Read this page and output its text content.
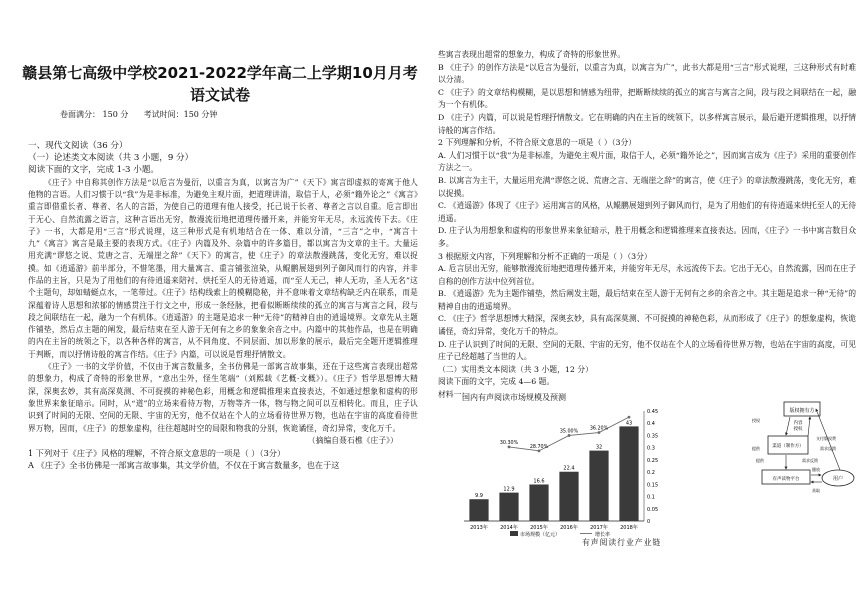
赣县第七高级中学校2021-2022学年高二上学期10月月考
语文试卷
卷面满分： 150 分      考试时间：150 分钟
一、现代文阅读（36 分）
（一）论述类文本阅读（共 3 小题，9 分）
阅读下面的文字，完成 1-3 小题。

《庄子》中自称其创作方法是“以卮言为曼衍，以重言为真，以寓言为广”《天下》寓言即虚拟的寄寓于他人他物的言语。人们习惯于以“我”为是非标准，为避免主观片面，把道理讲清，取信于人，必须“籍外论之”《寓言》重言即借重长者、尊者、名人的言語，为使自己的道理有他人接受，托己说于长者、尊者之言以自重。卮言即出于无心、自然流露之语言，这种言语出无穷，散漫流衍地把道理传播开来，并能穷年无尽，永远流传下去。《庄子》一书，大都是用“三言”形式说理，这三种形式是有机地结合在一体、难以分清，“三言”之中，“寓言十九”《寓言》寓言是最主要的表现方式。《庄子》内篇及外、杂篇中的许多篇目，都以寓言为文章的主干。大量运用充满“谬悠之说、荒唐之言、无端崖之辞”《天下》的寓言，使《庄子》的章法散漫跳荡，变化无穷，难以捉摸。如《逍遥游》前半部分，不惜笔墨，用大量寓言、重言铺张渲染，从鲲鹏展翅到列子御风而行的内容，并非作品的主旨，只是为了用他们的有待逍遥来陪衬、烘托至人的无待逍遥，而“至人无己，神人无功，圣人无名”这个主题句，却如蜻蜓点水，一笔带过。《庄子》结构线索上的模糊隐秘，并不意味着文章结构缺乏内在联系，而是深蕴着诗人思想和浓郁的情感贯注于行文之中，形成一条经脉，把看似断断续续的孤立的寓言与寓言之间，段与段之间联结在一起，融为一个有机体。《逍遥游》的主题是追求一种“无待”的精神自由的逍遥境界。文章先从主题作铺垫，然后点主题的阐发，最后结束在至人游于无何有之乡的象象余音之中。内篇中的其他作品，也是在明确的内在主旨的统领之下，以各种各样的寓言，从不同角度、不同层面、加以形象的展示，最后完全题开逻辑推理于判断，而以抒情诗般的寓言作结。《庄子》内篇，可以说是哲理抒情散文。

《庄子》一书的文学价值，不仅由于寓言数量多，全书仿佛是一部寓言故事集，还在于这些寓言表现出超常的想象力，构成了奇特的形象世界，“意出尘外，怪生笔端”（刘熙载《艺概·文概》）。《庄子》哲学思想博大精深，深奥玄妙，其有高深莫测、不可捉摸的神秘色彩，用概念和逻辑推理来直接表达，不如通过想象和虚构的形象世界来象征暗示。同时，从“道”的立场来看待万物，万物等齐一体，物与物之间可以互相转化。而且，庄子认识到了时间的无限、空间的无限、宇宙的无穷，他不仅站在个人的立场看待世界万物，也站在宇宙的高度看待世界万物，因而，《庄子》的想象虚构，往往超越时空的局限和物我的分别，恢诡谲怪，奇幻异常，变化万千。

（摘编自聂石樵《庄子》）

1 下列对于《庄子》风格的理解，不符合原文意思的一项是（ ）（3分）

A 《庄子》全书仿佛是一部寓言故事集，其文学价值，不仅在于寓言数量多，也在于这

些寓言表现出超常的想象力，构成了奇特的形象世界。

B 《庄子》的创作方法是“以卮言为曼衍，以重言为真，以寓言为广”，此书大都是用“三言”形式说理，三这种形式有时难以分清。

C 《庄子》的文章结构模糊，是以思想和情感为纽带，把断断续续的孤立的寓言与寓言之间，段与段之间联结在一起，融为一个有机体。

D 《庄子》内篇，可以说是哲理抒情散文。它在明确的内在主旨的统领下，以多样寓言展示，最后避开逻辑推理，以抒情诗般的寓言作结。

2 下列理解和分析，不符合原文意思的一项是（ ）（3分）

A. 人们习惯于以“我”为是非标准，为避免主观片面，取信于人，必须“籍外论之”，因而寓言成为《庄子》采用的重要创作方法之一。

B. 以寓言为主干，大量运用充满“谬悠之说、荒唐之言、无端崖之辞”的寓言，使《庄子》的章法散漫跳荡，变化无穷，难以捉摸。

C. 《逍遥游》体现了《庄子》运用寓言的风格，从鲲鹏展翅到列子御风而行，是为了用他们的有待逍遥来烘托至人的无待逍遥。

D. 庄子认为用想象和虚构的形象世界来象征暗示，胜于用概念和逻辑推理来直接表达。因而，《庄子》一书中寓言数目众多。

3 根据原文内容，下列理解和分析不正确的一项是（ ）（3分）

A. 卮言层出无穷，能够散漫流衍地把道理传播开来，并能穷年无尽，永远流传下去。它出于无心，自然流露，因而在庄子自称的创作方法中位列首位。

B. 《逍遥游》先为主题作铺垫，然后阐发主题，最后结束在至人游于无何有之乡的余音之中。其主题是追求一种“无待”的精神自由的逍遥境界。

C. 《庄子》哲学思想博大精深，深奥玄妙，具有高深莫测、不可捉摸的神秘色彩，从而形成了《庄子》的想象虚构，恢诡谲怪，奇幻异常，变化万千的特点。

D. 庄子认识到了时间的无限、空间的无限、宇宙的无穷，他不仅站在个人的立场看待世界万物，也站在宇宙的高度，可见庄子已经超越了当世的人。

（二）实用类文本阅读（共 3 小题，12 分）

阅读下面的文字，完成 4—6 题。

材料一：

国内有声阅读市场规模及预测
0.45
0.4
0.35
0.3
0.25
0.2
0.15
0.1
0.05
0
9.9
2013年
12.9
2014年
16.6
2015年
22.4
2016年
32
2017年
43
2018年
30.30%
28.70%
35.00%
36.20%
市场规模（亿元）	增长率
版权拥有方
内容
授权
渠道（制作方）
有声读物平台	用户
支付版权费
需求反馈
提供	需求反馈
播放
获取
授权
提供
有声阅读行业产业链
